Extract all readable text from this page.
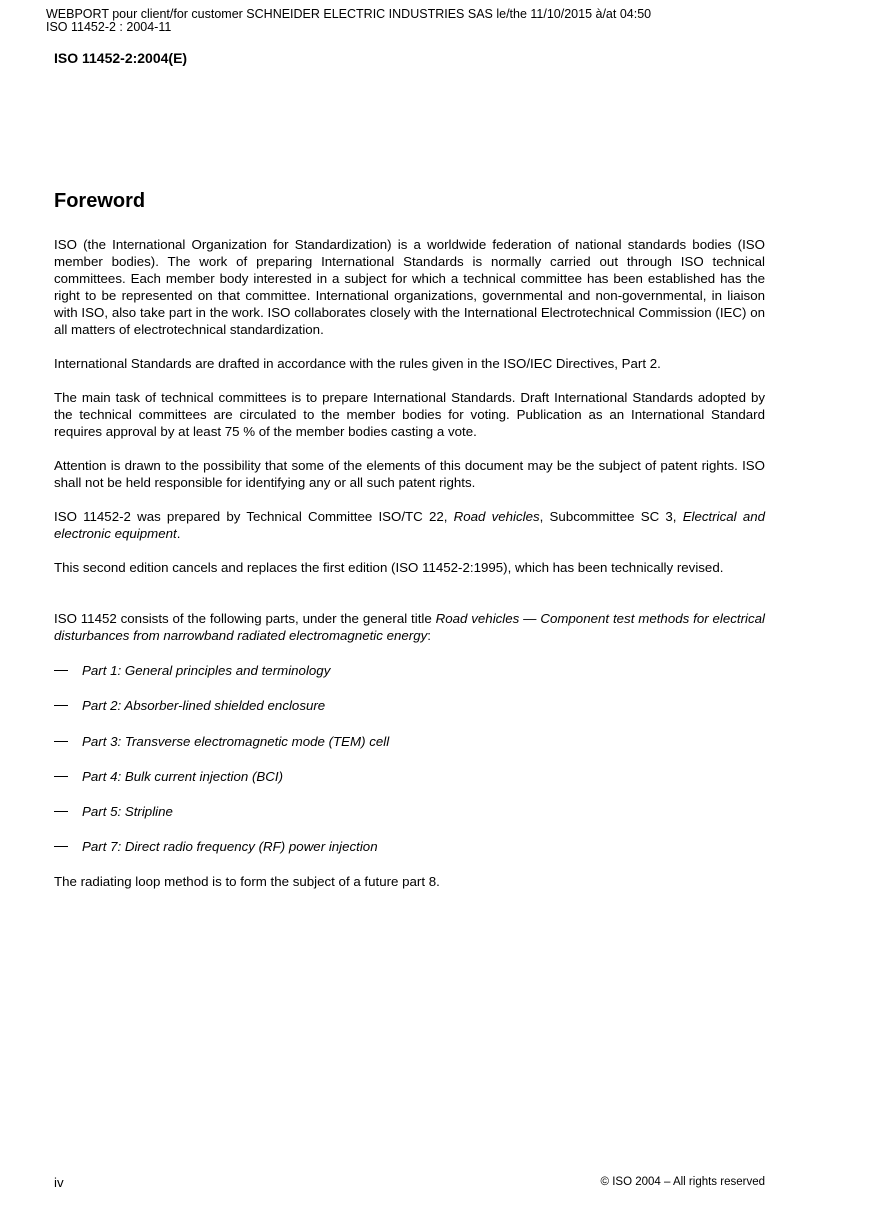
WEBPORT pour client/for customer SCHNEIDER ELECTRIC INDUSTRIES SAS le/the 11/10/2015 à/at 04:50
ISO 11452-2 : 2004-11
ISO 11452-2:2004(E)
Foreword
ISO (the International Organization for Standardization) is a worldwide federation of national standards bodies (ISO member bodies). The work of preparing International Standards is normally carried out through ISO technical committees. Each member body interested in a subject for which a technical committee has been established has the right to be represented on that committee. International organizations, governmental and non-governmental, in liaison with ISO, also take part in the work. ISO collaborates closely with the International Electrotechnical Commission (IEC) on all matters of electrotechnical standardization.
International Standards are drafted in accordance with the rules given in the ISO/IEC Directives, Part 2.
The main task of technical committees is to prepare International Standards. Draft International Standards adopted by the technical committees are circulated to the member bodies for voting. Publication as an International Standard requires approval by at least 75 % of the member bodies casting a vote.
Attention is drawn to the possibility that some of the elements of this document may be the subject of patent rights. ISO shall not be held responsible for identifying any or all such patent rights.
ISO 11452-2 was prepared by Technical Committee ISO/TC 22, Road vehicles, Subcommittee SC 3, Electrical and electronic equipment.
This second edition cancels and replaces the first edition (ISO 11452-2:1995), which has been technically revised.
ISO 11452 consists of the following parts, under the general title Road vehicles — Component test methods for electrical disturbances from narrowband radiated electromagnetic energy:
Part 1: General principles and terminology
Part 2: Absorber-lined shielded enclosure
Part 3: Transverse electromagnetic mode (TEM) cell
Part 4: Bulk current injection (BCI)
Part 5: Stripline
Part 7: Direct radio frequency (RF) power injection
The radiating loop method is to form the subject of a future part 8.
iv	© ISO 2004 – All rights reserved
